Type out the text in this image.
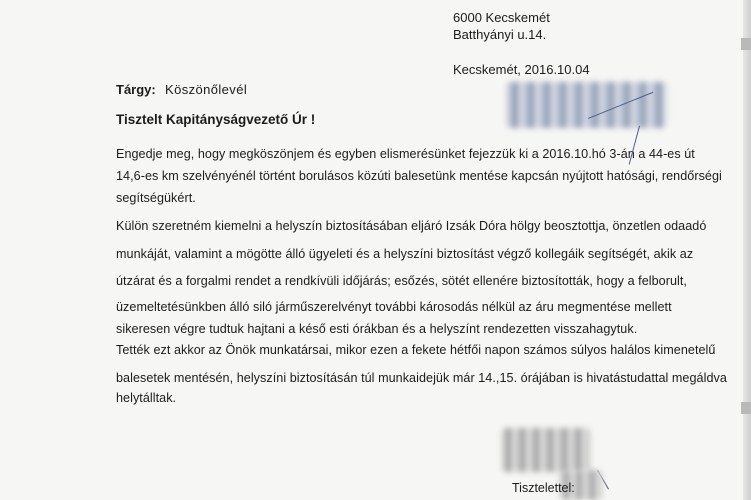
6000 Kecskemét
Batthyányi u.14.
Kecskemét, 2016.10.04
Tárgy: Köszönőlevél
Tisztelt Kapitányságvezető Úr !
Engedje meg, hogy megköszönjem és egyben elismerésünket fejezzük ki a 2016.10.hó 3-án a 44-es út
14,6-es km szelvényénél történt borulásos közúti balesetünk mentése kapcsán nyújtott hatósági, rendőrségi
segítségükért.
Külön szeretném kiemelni a helyszín biztosításában eljáró Izsák Dóra hölgy beosztottja, önzetlen odaadó
munkáját, valamint a mögötte álló ügyeleti és a helyszíni biztosítást végző kollegáik segítségét, akik az
útzárat és a forgalmi rendet a rendkívüli időjárás; esőzés, sötét ellenére biztosították, hogy a felborult,
üzemeltetésünkben álló siló járműszerelvényt további károsodás nélkül az áru megmentése mellett
sikeresen végre tudtuk hajtani a késő esti órákban és a helyszínt rendezetten visszahagytuk.
Tették ezt akkor az Önök munkatársai, mikor ezen a fekete hétfői napon számos súlyos halálos kimenetelű
balesetek mentésén, helyszíni biztosításán túl munkaidejük már 14.,15. órájában is hivatástudattal megáldva
helytálltak.
Tisztelettel:
